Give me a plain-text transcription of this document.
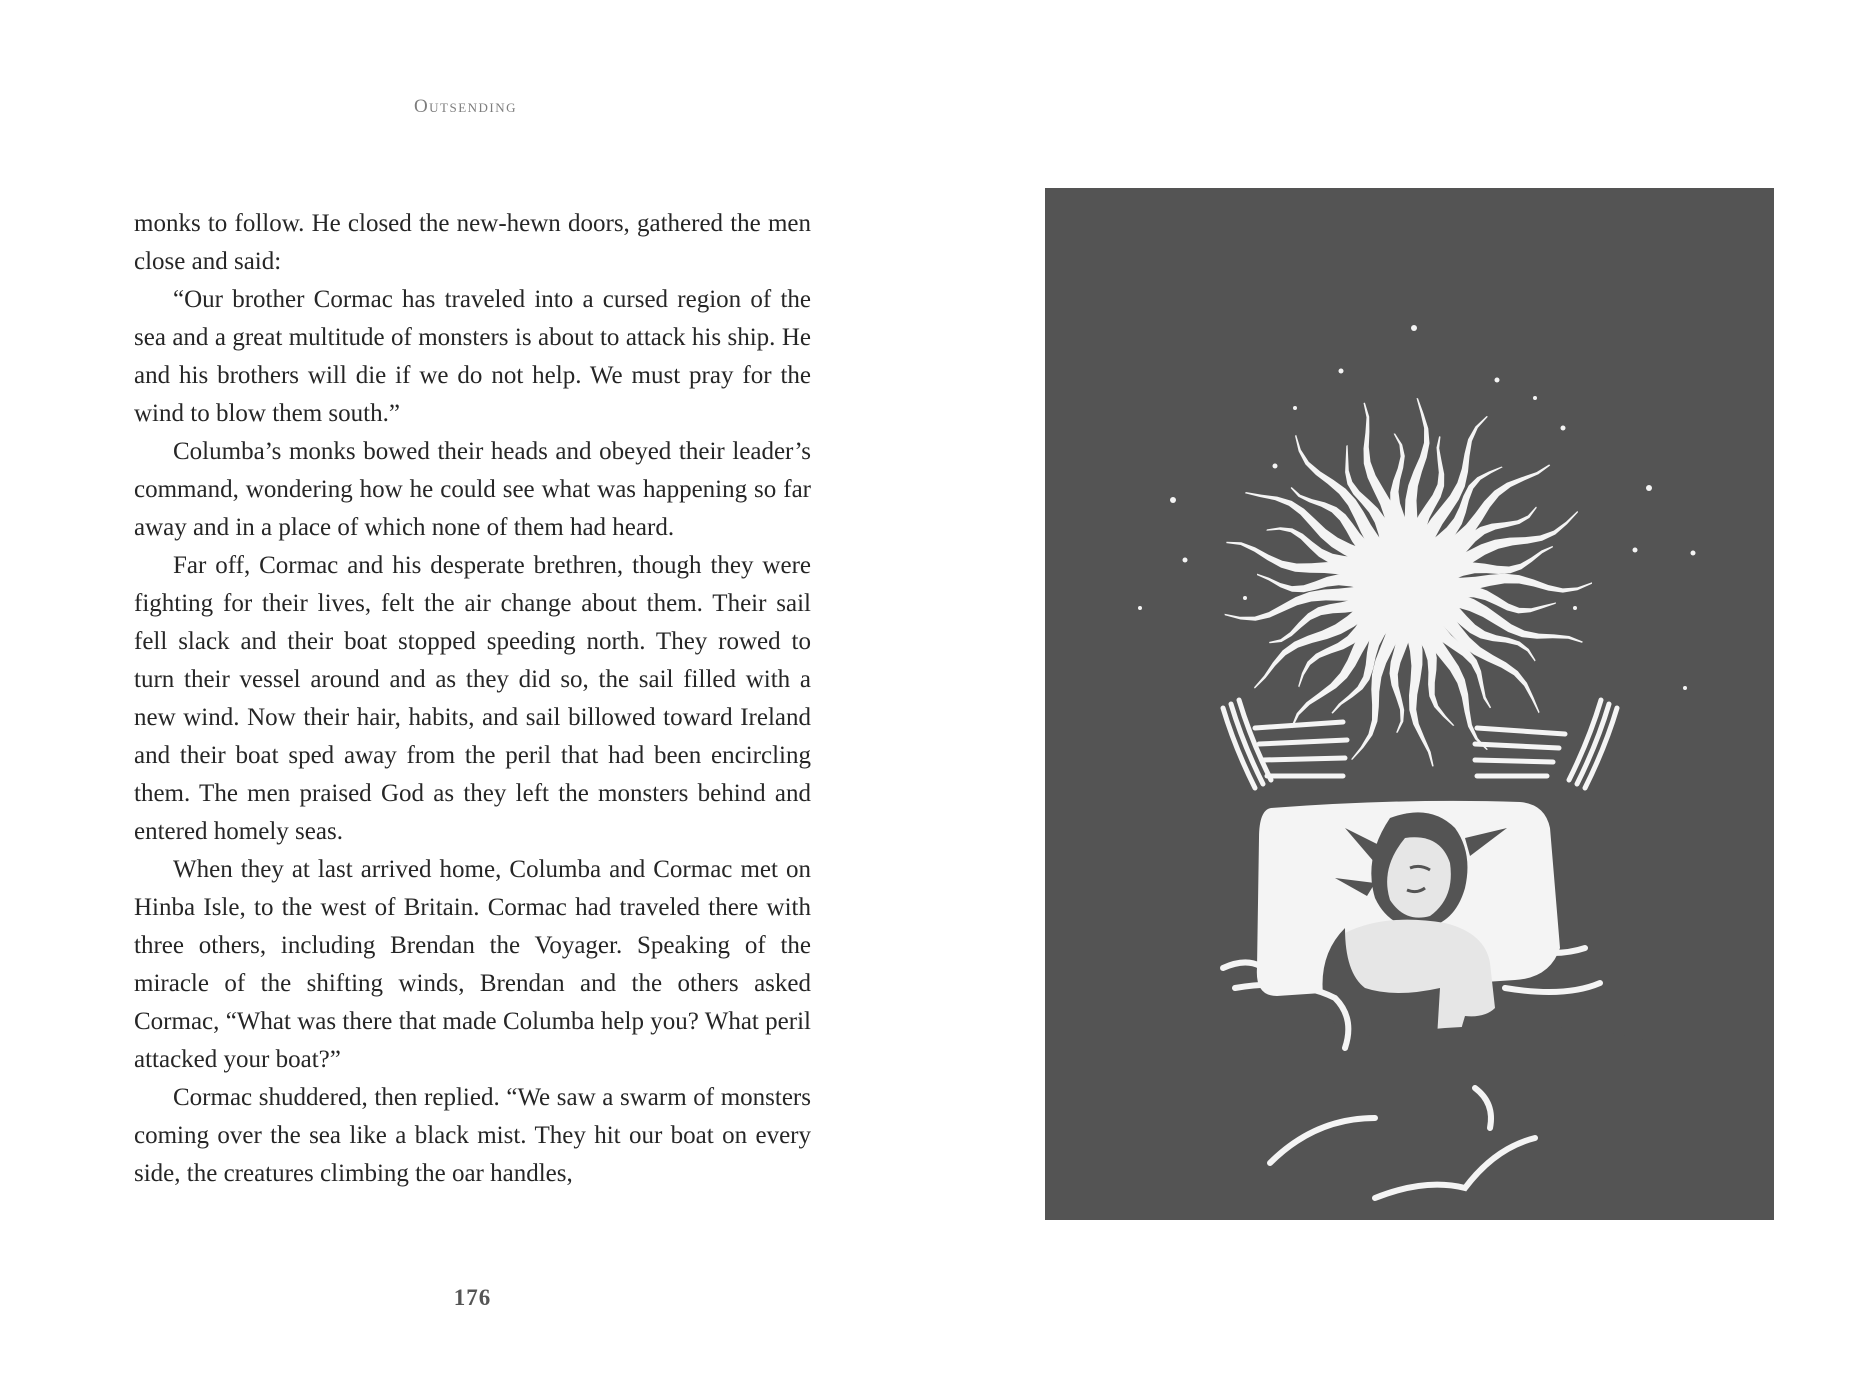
Outsending

monks to follow. He closed the new-hewn doors, gathered the men close and said:

“Our brother Cormac has traveled into a cursed region of the sea and a great multitude of monsters is about to attack his ship. He and his brothers will die if we do not help. We must pray for the wind to blow them south.”

Columba’s monks bowed their heads and obeyed their leader’s command, wondering how he could see what was happening so far away and in a place of which none of them had heard.

Far off, Cormac and his desperate brethren, though they were fighting for their lives, felt the air change about them. Their sail fell slack and their boat stopped speeding north. They rowed to turn their vessel around and as they did so, the sail filled with a new wind. Now their hair, habits, and sail billowed toward Ireland and their boat sped away from the peril that had been encircling them. The men praised God as they left the monsters behind and entered homely seas.

When they at last arrived home, Columba and Cormac met on Hinba Isle, to the west of Britain. Cormac had traveled there with three others, including Brendan the Voyager. Speaking of the miracle of the shifting winds, Brendan and the others asked Cormac, “What was there that made Columba help you? What peril attacked your boat?”

Cormac shuddered, then replied. “We saw a swarm of monsters coming over the sea like a black mist. They hit our boat on every side, the creatures climbing the oar handles,

176
